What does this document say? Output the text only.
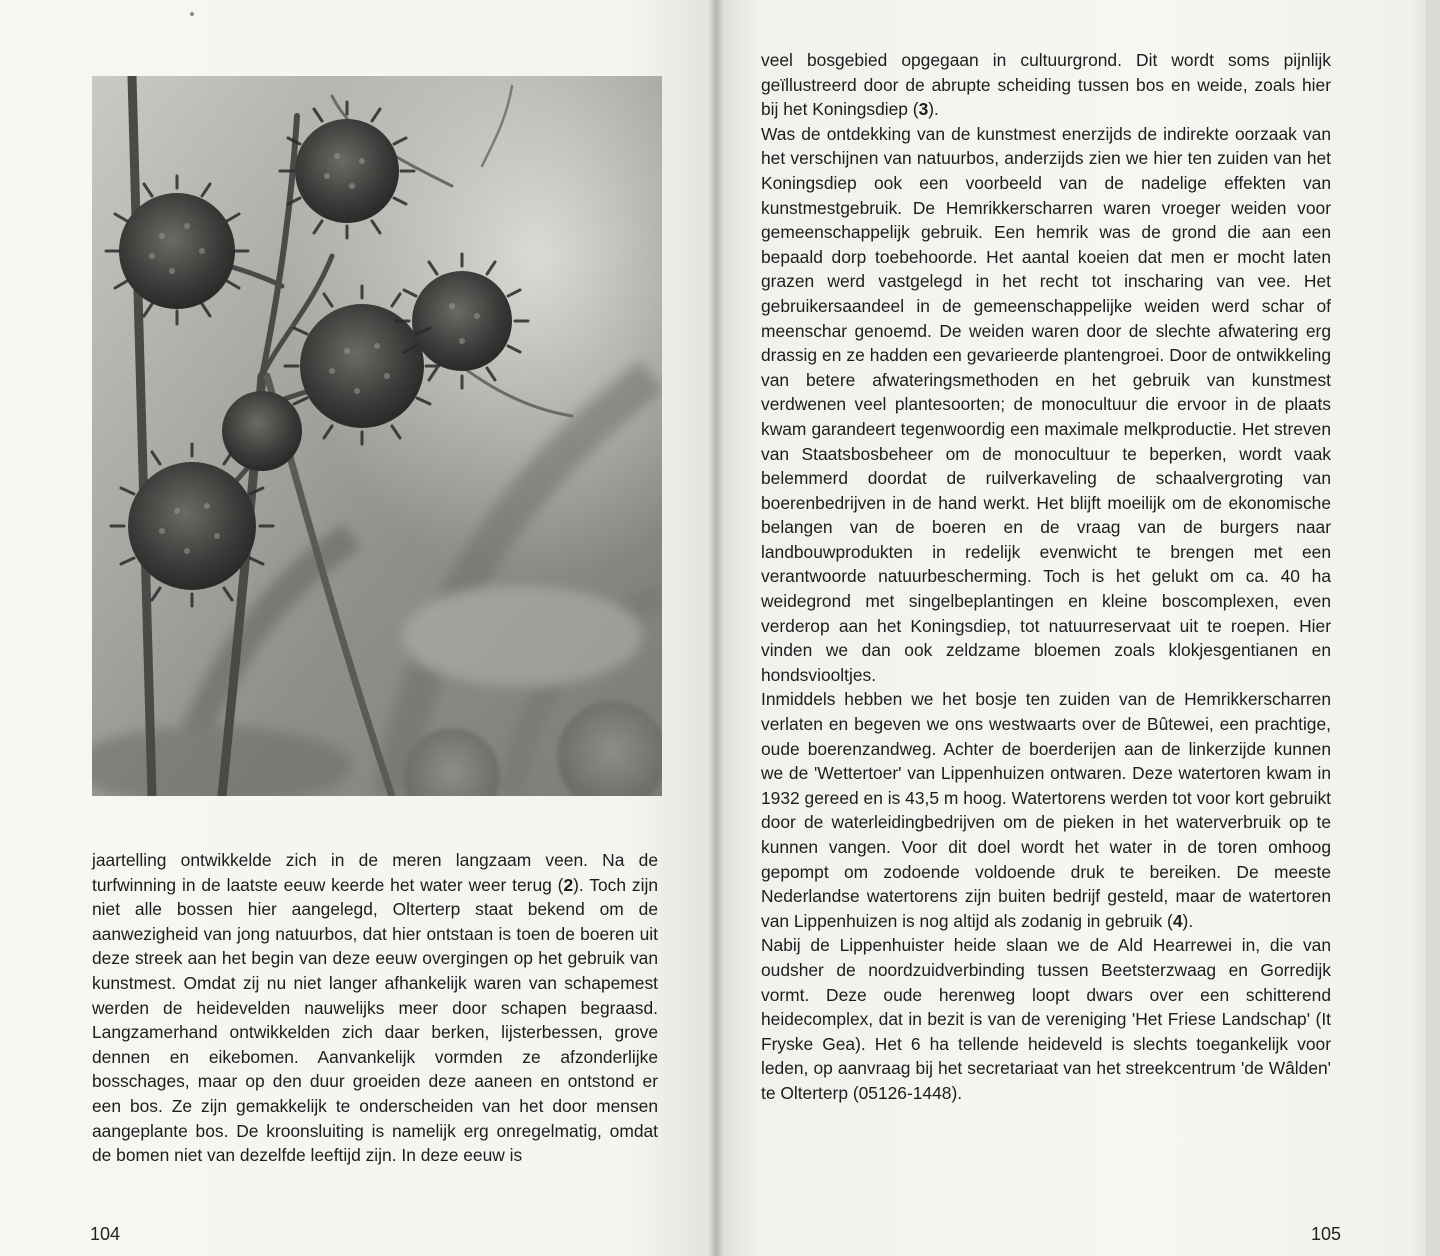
jaartelling ontwikkelde zich in de meren langzaam veen. Na de turfwinning in de laatste eeuw keerde het water weer terug (2). Toch zijn niet alle bossen hier aangelegd, Olterterp staat bekend om de aanwezigheid van jong natuurbos, dat hier ontstaan is toen de boeren uit deze streek aan het begin van deze eeuw overgingen op het gebruik van kunstmest. Omdat zij nu niet langer afhankelijk waren van schapemest werden de heidevelden nauwelijks meer door schapen begraasd. Langzamerhand ontwikkelden zich daar berken, lijsterbessen, grove dennen en eikebomen. Aanvankelijk vormden ze afzonderlijke bosschages, maar op den duur groeiden deze aaneen en ontstond er een bos. Ze zijn gemakkelijk te onderscheiden van het door mensen aangeplante bos. De kroonsluiting is namelijk erg onregelmatig, omdat de bomen niet van dezelfde leeftijd zijn. In deze eeuw is

104

veel bosgebied opgegaan in cultuurgrond. Dit wordt soms pijnlijk geïllustreerd door de abrupte scheiding tussen bos en weide, zoals hier bij het Koningsdiep (3).

Was de ontdekking van de kunstmest enerzijds de indirekte oorzaak van het verschijnen van natuurbos, anderzijds zien we hier ten zuiden van het Koningsdiep ook een voorbeeld van de nadelige effekten van kunstmestgebruik. De Hemrikkerscharren waren vroeger weiden voor gemeenschappelijk gebruik. Een hemrik was de grond die aan een bepaald dorp toebehoorde. Het aantal koeien dat men er mocht laten grazen werd vastgelegd in het recht tot inscharing van vee. Het gebruikersaandeel in de gemeenschappelijke weiden werd schar of meenschar genoemd. De weiden waren door de slechte afwatering erg drassig en ze hadden een gevarieerde plantengroei. Door de ontwikkeling van betere afwateringsmethoden en het gebruik van kunstmest verdwenen veel plantesoorten; de monocultuur die ervoor in de plaats kwam garandeert tegenwoordig een maximale melkproductie. Het streven van Staatsbosbeheer om de monocultuur te beperken, wordt vaak belemmerd doordat de ruilverkaveling de schaalvergroting van boerenbedrijven in de hand werkt. Het blijft moeilijk om de ekonomische belangen van de boeren en de vraag van de burgers naar landbouwprodukten in redelijk evenwicht te brengen met een verantwoorde natuurbescherming. Toch is het gelukt om ca. 40 ha weidegrond met singelbeplantingen en kleine boscomplexen, even verderop aan het Koningsdiep, tot natuurreservaat uit te roepen. Hier vinden we dan ook zeldzame bloemen zoals klokjesgentianen en hondsviooltjes.

Inmiddels hebben we het bosje ten zuiden van de Hemrikkerscharren verlaten en begeven we ons westwaarts over de Bûtewei, een prachtige, oude boerenzandweg. Achter de boerderijen aan de linkerzijde kunnen we de 'Wettertoer' van Lippenhuizen ontwaren. Deze watertoren kwam in 1932 gereed en is 43,5 m hoog. Watertorens werden tot voor kort gebruikt door de waterleidingbedrijven om de pieken in het waterverbruik op te kunnen vangen. Voor dit doel wordt het water in de toren omhoog gepompt om zodoende voldoende druk te bereiken. De meeste Nederlandse watertorens zijn buiten bedrijf gesteld, maar de watertoren van Lippenhuizen is nog altijd als zodanig in gebruik (4).

Nabij de Lippenhuister heide slaan we de Ald Hearrewei in, die van oudsher de noordzuidverbinding tussen Beetsterzwaag en Gorredijk vormt. Deze oude herenweg loopt dwars over een schitterend heidecomplex, dat in bezit is van de vereniging 'Het Friese Landschap' (It Fryske Gea). Het 6 ha tellende heideveld is slechts toegankelijk voor leden, op aanvraag bij het secretariaat van het streekcentrum 'de Wâlden' te Olterterp (05126-1448).

105
